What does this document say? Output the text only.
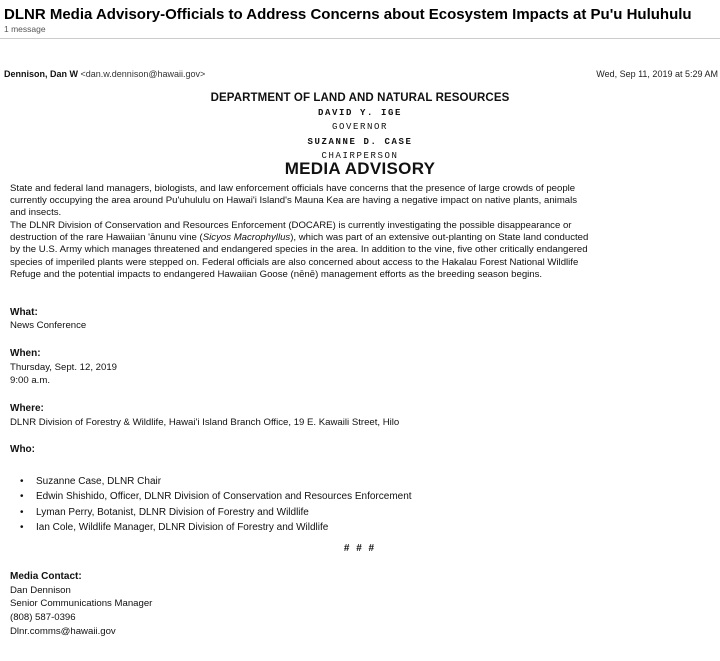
DLNR Media Advisory-Officials to Address Concerns about Ecosystem Impacts at Pu'u Huluhulu
1 message
Dennison, Dan W <dan.w.dennison@hawaii.gov>	Wed, Sep 11, 2019 at 5:29 AM
DEPARTMENT OF LAND AND NATURAL RESOURCES
DAVID Y. IGE
GOVERNOR
SUZANNE D. CASE
CHAIRPERSON
MEDIA ADVISORY
State and federal land managers, biologists, and law enforcement officials have concerns that the presence of large crowds of people
currently occupying the area around Pu'uhululu on Hawai'i Island's Mauna Kea are having a negative impact on native plants, animals
and insects.
The DLNR Division of Conservation and Resources Enforcement (DOCARE) is currently investigating the possible disappearance or
destruction of the rare Hawaiian 'ānunu vine (Sicyos Macrophyllus), which was part of an extensive out-planting on State land conducted
by the U.S. Army which manages threatened and endangered species in the area. In addition to the vine, five other critically endangered
species of imperiled plants were stepped on. Federal officials are also concerned about access to the Hakalau Forest National Wildlife
Refuge and the potential impacts to endangered Hawaiian Goose (nēnē) management efforts as the breeding season begins.
What:
News Conference
When:
Thursday, Sept. 12, 2019
9:00 a.m.
Where:
DLNR Division of Forestry & Wildlife, Hawai'i Island Branch Office, 19 E. Kawaili Street, Hilo
Who:
• Suzanne Case, DLNR Chair
• Edwin Shishido, Officer, DLNR Division of Conservation and Resources Enforcement
• Lyman Perry, Botanist, DLNR Division of Forestry and Wildlife
• Ian Cole, Wildlife Manager, DLNR Division of Forestry and Wildlife
# # #
Media Contact:
Dan Dennison
Senior Communications Manager
(808) 587-0396
Dlnr.comms@hawaii.gov
